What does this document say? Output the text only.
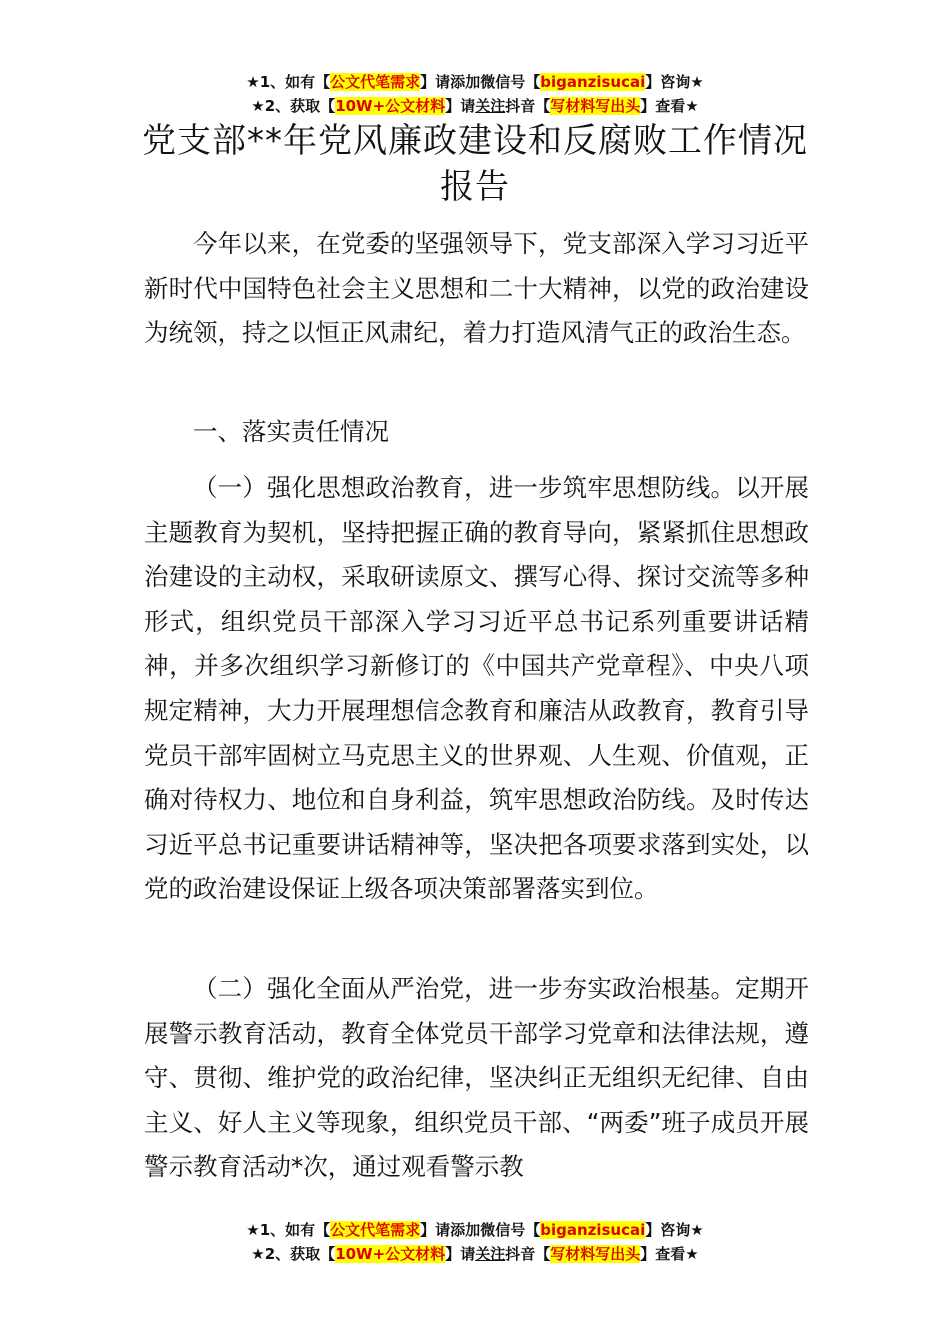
★1、如有【公文代笔需求】请添加微信号【biganzisucai】咨询★
★2、获取【10W+公文材料】请关注抖音【写材料写出头】查看★
党支部**年党风廉政建设和反腐败工作情况
报告

今年以来，在党委的坚强领导下，党支部深入学习习近平新时代中国特色社会主义思想和二十大精神，以党的政治建设为统领，持之以恒正风肃纪，着力打造风清气正的政治生态。

一、落实责任情况

（一）强化思想政治教育，进一步筑牢思想防线。以开展主题教育为契机，坚持把握正确的教育导向，紧紧抓住思想政治建设的主动权，采取研读原文、撰写心得、探讨交流等多种形式，组织党员干部深入学习习近平总书记系列重要讲话精神，并多次组织学习新修订的《中国共产党章程》、中央八项规定精神，大力开展理想信念教育和廉洁从政教育，教育引导党员干部牢固树立马克思主义的世界观、人生观、价值观，正确对待权力、地位和自身利益，筑牢思想政治防线。及时传达习近平总书记重要讲话精神等，坚决把各项要求落到实处，以党的政治建设保证上级各项决策部署落实到位。

（二）强化全面从严治党，进一步夯实政治根基。定期开展警示教育活动，教育全体党员干部学习党章和法律法规，遵守、贯彻、维护党的政治纪律，坚决纠正无组织无纪律、自由主义、好人主义等现象，组织党员干部、“两委”班子成员开展警示教育活动*次，通过观看警示教

★1、如有【公文代笔需求】请添加微信号【biganzisucai】咨询★
★2、获取【10W+公文材料】请关注抖音【写材料写出头】查看★
